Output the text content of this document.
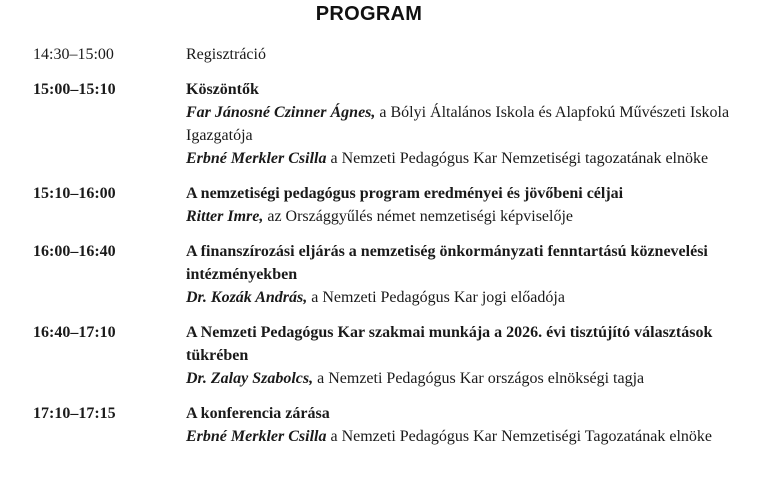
PROGRAM
14:30–15:00	Regisztráció
15:00–15:10	Köszöntők
Far Jánosné Czinner Ágnes, a Bólyi Általános Iskola és Alapfokú Művészeti Iskola Igazgatója
Erbné Merkler Csilla a Nemzeti Pedagógus Kar Nemzetiségi tagozatának elnöke
15:10–16:00	A nemzetiségi pedagógus program eredményei és jövőbeni céljai
Ritter Imre, az Országgyűlés német nemzetiségi képviselője
16:00–16:40	A finanszírozási eljárás a nemzetiség önkormányzati fenntartású köznevelési intézményekben
Dr. Kozák András, a Nemzeti Pedagógus Kar jogi előadója
16:40–17:10	A Nemzeti Pedagógus Kar szakmai munkája a 2026. évi tisztújító választások tükrében
Dr. Zalay Szabolcs, a Nemzeti Pedagógus Kar országos elnökségi tagja
17:10–17:15	A konferencia zárása
Erbné Merkler Csilla a Nemzeti Pedagógus Kar Nemzetiségi Tagozatának elnöke
